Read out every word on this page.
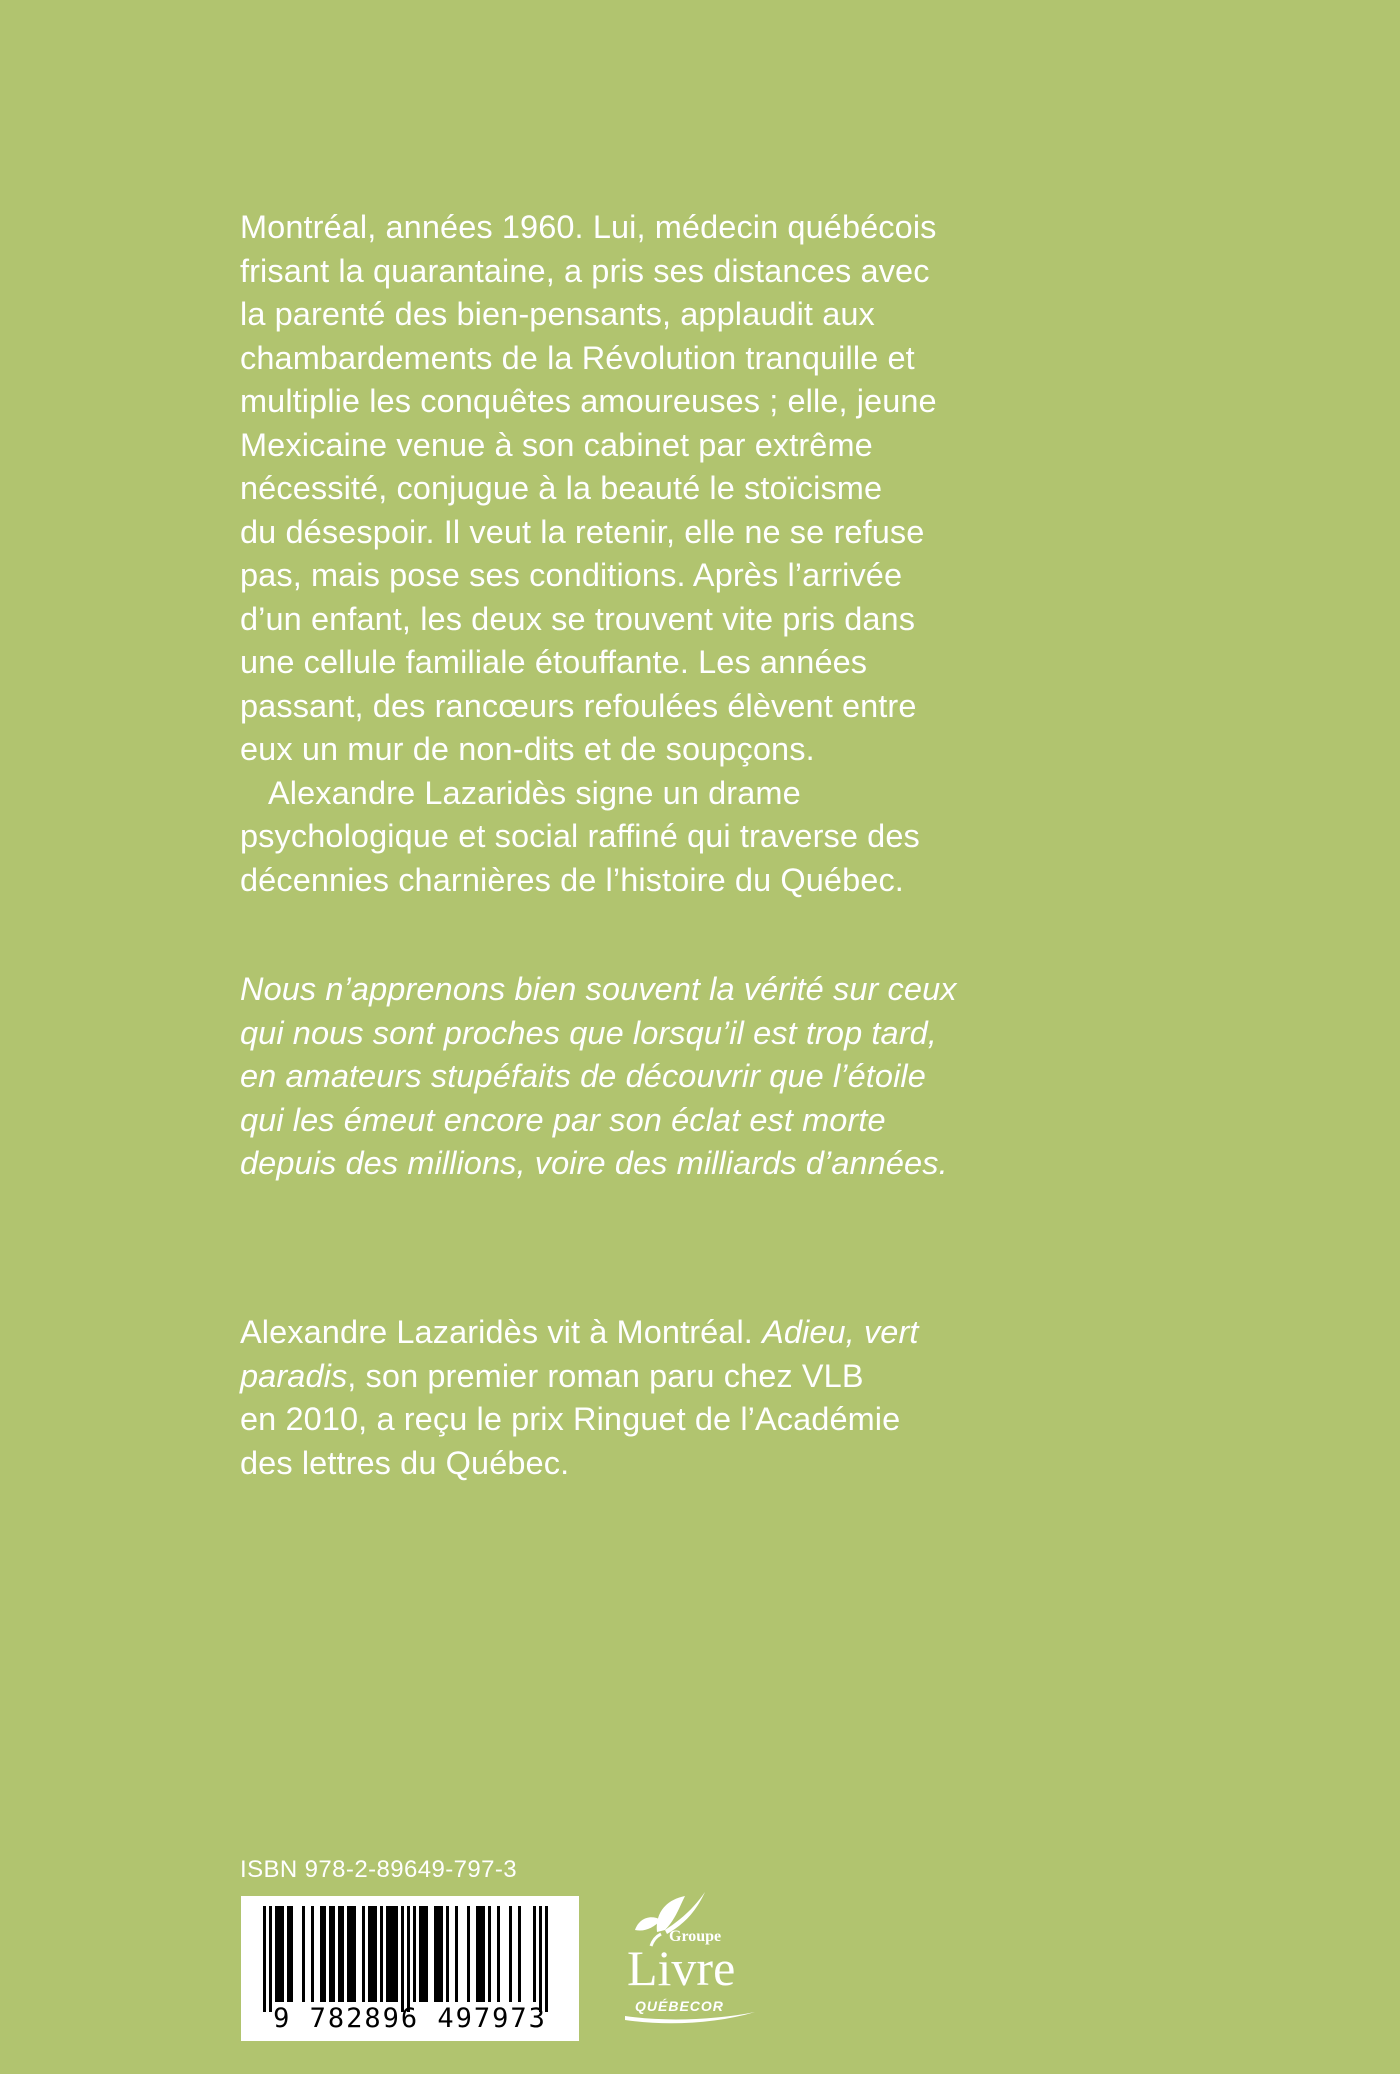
Montréal, années 1960. Lui, médecin québécois
frisant la quarantaine, a pris ses distances avec
la parenté des bien-pensants, applaudit aux
chambardements de la Révolution tranquille et
multiplie les conquêtes amoureuses ; elle, jeune
Mexicaine venue à son cabinet par extrême
nécessité, conjugue à la beauté le stoïcisme
du désespoir. Il veut la retenir, elle ne se refuse
pas, mais pose ses conditions. Après l’arrivée
d’un enfant, les deux se trouvent vite pris dans
une cellule familiale étouffante. Les années
passant, des rancœurs refoulées élèvent entre
eux un mur de non-dits et de soupçons.
Alexandre Lazaridès signe un drame
psychologique et social raffiné qui traverse des
décennies charnières de l’histoire du Québec.
Nous n’apprenons bien souvent la vérité sur ceux
qui nous sont proches que lorsqu’il est trop tard,
en amateurs stupéfaits de découvrir que l’étoile
qui les émeut encore par son éclat est morte
depuis des millions, voire des milliards d’années.
Alexandre Lazaridès vit à Montréal. Adieu, vert
paradis, son premier roman paru chez VLB
en 2010, a reçu le prix Ringuet de l’Académie
des lettres du Québec.
ISBN 978-2-89649-797-3
9 782896 497973
Groupe
Livre
QUÉBECOR
